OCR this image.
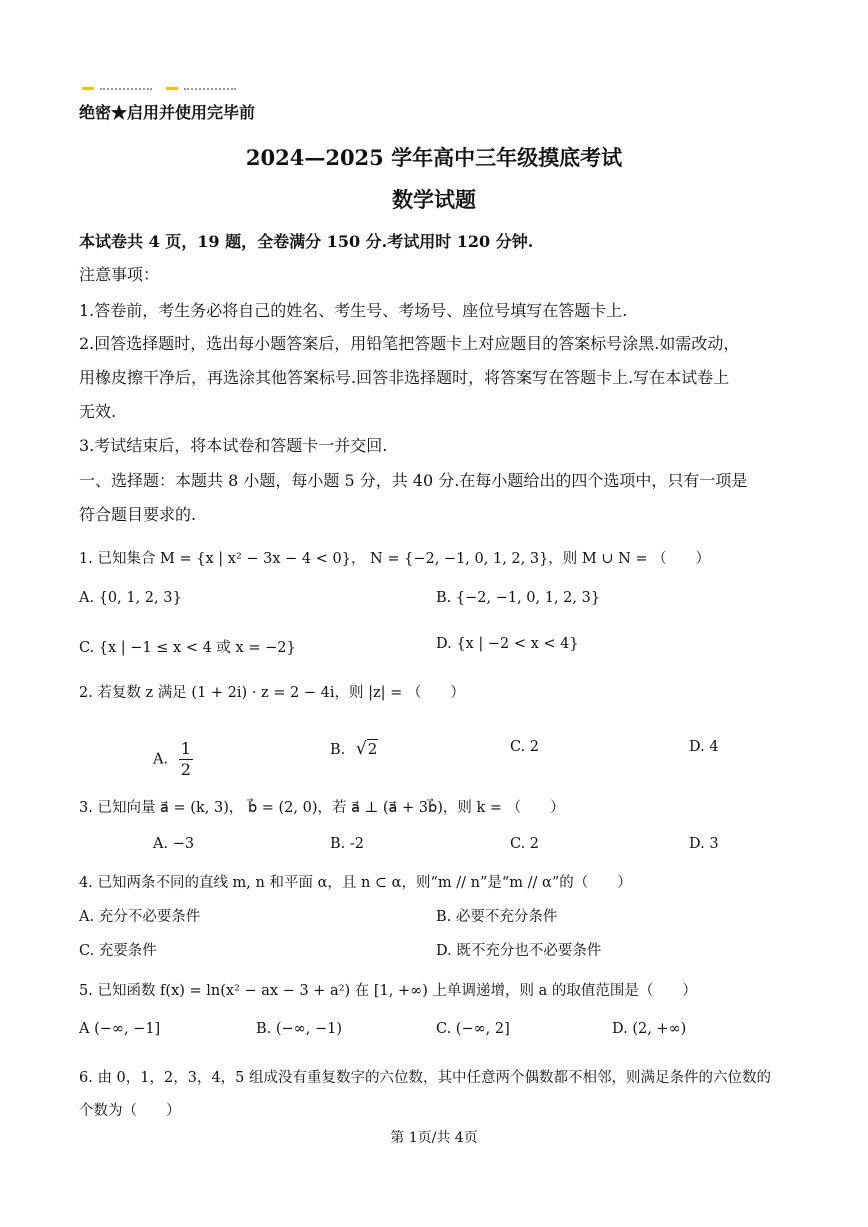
绝密★启用并使用完毕前
2024—2025 学年高中三年级摸底考试
数学试题
本试卷共 4 页，19 题，全卷满分 150 分.考试用时 120 分钟.
注意事项：
1.答卷前，考生务必将自己的姓名、考生号、考场号、座位号填写在答题卡上.
2.回答选择题时，选出每小题答案后，用铅笔把答题卡上对应题目的答案标号涂黑.如需改动，
用橡皮擦干净后，再选涂其他答案标号.回答非选择题时，将答案写在答题卡上.写在本试卷上
无效.
3.考试结束后，将本试卷和答题卡一并交回.
一、选择题：本题共 8 小题，每小题 5 分，共 40 分.在每小题给出的四个选项中，只有一项是
符合题目要求的.
1. 已知集合 M = {x | x² − 3x − 4 < 0}， N = {−2, −1, 0, 1, 2, 3}，则 M ∪ N = （　　）
A. {0, 1, 2, 3}	B. {−2, −1, 0, 1, 2, 3}
C. {x | −1 ≤ x < 4 或 x = −2}	D. {x | −2 < x < 4}
2. 若复数 z 满足 (1 + 2i) · z = 2 − 4i，则 |z| = （　　）
A. $\frac{1}{2}$	B. √2	C. 2	D. 4
3. 已知向量 a⃗ = (k, 3)， b⃗ = (2, 0)，若 a⃗ ⊥ (a⃗ + 3b⃗)，则 k = （　　）
A. −3	B. -2	C. 2	D. 3
4. 已知两条不同的直线 m, n 和平面 α，且 n ⊂ α，则“m // n”是“m // α”的（　　）
A. 充分不必要条件	B. 必要不充分条件
C. 充要条件	D. 既不充分也不必要条件
5. 已知函数 f(x) = ln(x² − ax − 3 + a²) 在 [1, +∞) 上单调递增，则 a 的取值范围是（　　）
A (−∞, −1]	B. (−∞, −1)	C. (−∞, 2]	D. (2, +∞)
6. 由 0，1，2，3，4，5 组成没有重复数字的六位数，其中任意两个偶数都不相邻，则满足条件的六位数的
个数为（　　）
第 1页/共 4页
